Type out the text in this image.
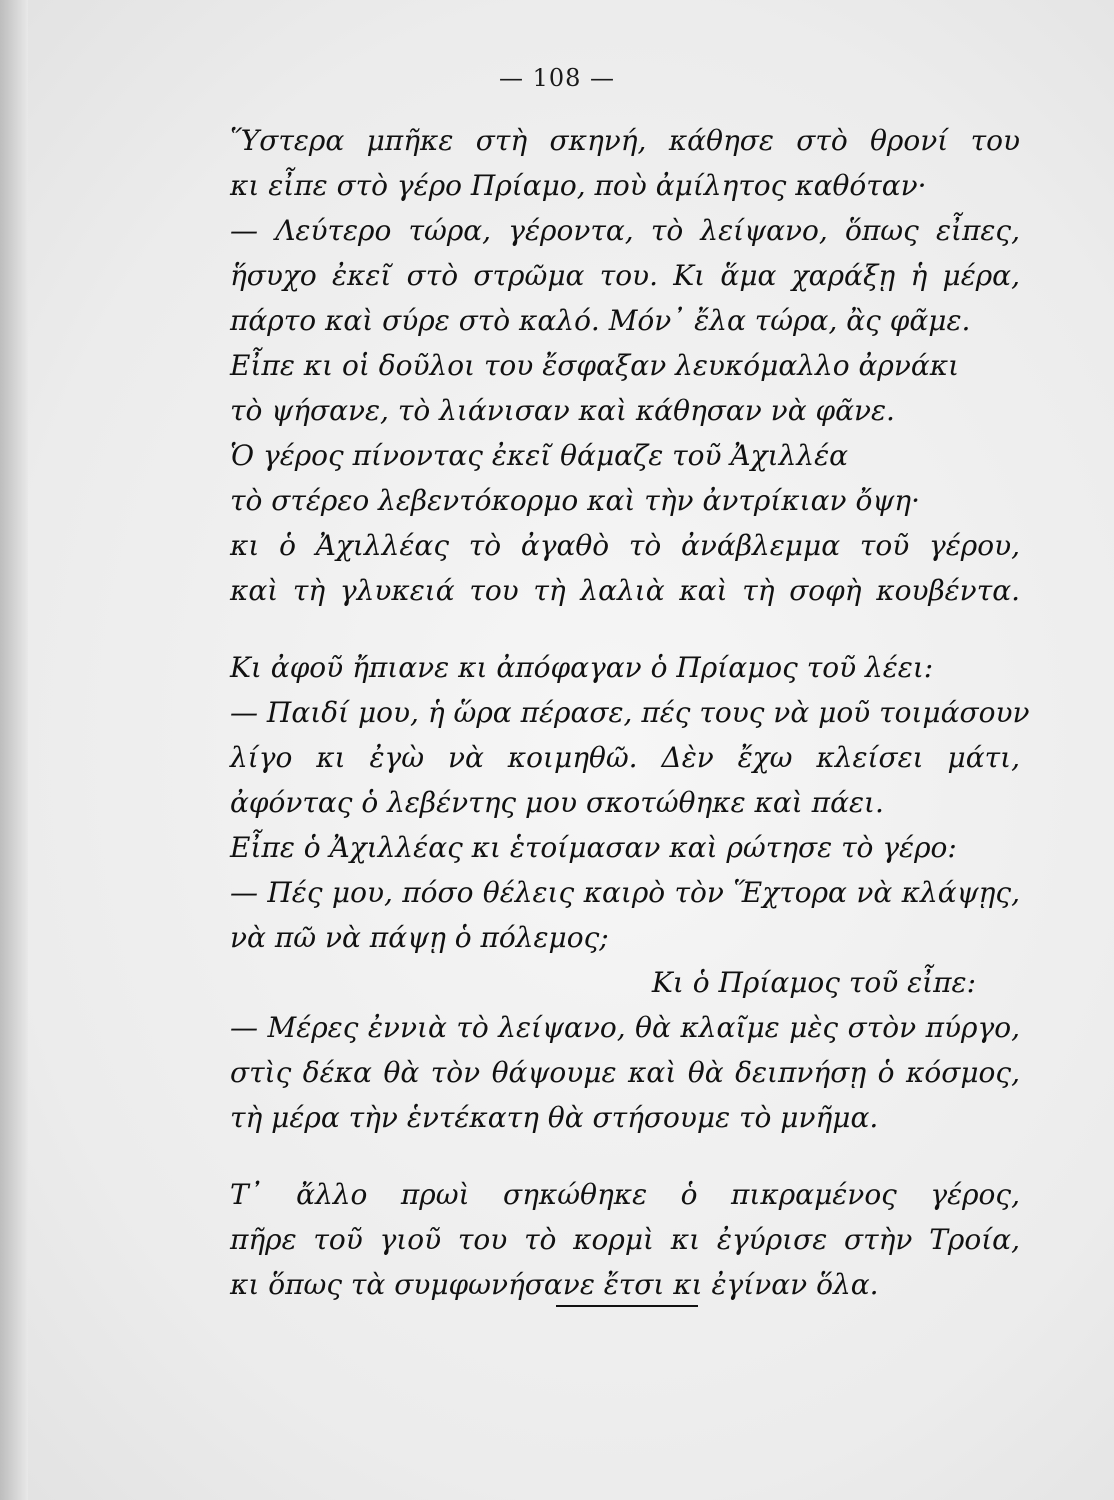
— 108 —
Ὕστερα μπῆκε στὴ σκηνή, κάθησε στὸ θρονί του
κι εἶπε στὸ γέρο Πρίαμο, ποὺ ἀμίλητος καθόταν·
— Λεύτερο τώρα, γέροντα, τὸ λείψανο, ὅπως εἶπες,
ἥσυχο ἐκεῖ στὸ στρῶμα του. Κι ἅμα χαράξῃ ἡ μέρα,
πάρτο καὶ σύρε στὸ καλό. Μόν᾽ ἔλα τώρα, ἂς φᾶμε.
Εἶπε κι οἱ δοῦλοι του ἔσφαξαν λευκόμαλλο ἀρνάκι
τὸ ψήσανε, τὸ λιάνισαν καὶ κάθησαν νὰ φᾶνε.
Ὁ γέρος πίνοντας ἐκεῖ θάμαζε τοῦ Ἀχιλλέα
τὸ στέρεο λεβεντόκορμο καὶ τὴν ἀντρίκιαν ὄψη·
κι ὁ Ἀχιλλέας τὸ ἀγαθὸ τὸ ἀνάβλεμμα τοῦ γέρου,
καὶ τὴ γλυκειά του τὴ λαλιὰ καὶ τὴ σοφὴ κουβέντα.
Κι ἀφοῦ ἤπιανε κι ἀπόφαγαν ὁ Πρίαμος τοῦ λέει:
— Παιδί μου, ἡ ὥρα πέρασε, πές τους νὰ μοῦ τοιμάσουν
λίγο κι ἐγὼ νὰ κοιμηθῶ. Δὲν ἔχω κλείσει μάτι,
ἀφόντας ὁ λεβέντης μου σκοτώθηκε καὶ πάει.
Εἶπε ὁ Ἀχιλλέας κι ἑτοίμασαν καὶ ρώτησε τὸ γέρο:
— Πές μου, πόσο θέλεις καιρὸ τὸν Ἕχτορα νὰ κλάψῃς,
νὰ πῶ νὰ πάψῃ ὁ πόλεμος;
Κι ὁ Πρίαμος τοῦ εἶπε:
— Μέρες ἐννιὰ τὸ λείψανο, θὰ κλαῖμε μὲς στὸν πύργο,
στὶς δέκα θὰ τὸν θάψουμε καὶ θὰ δειπνήσῃ ὁ κόσμος,
τὴ μέρα τὴν ἑντέκατη θὰ στήσουμε τὸ μνῆμα.
Τ᾽ ἄλλο πρωὶ σηκώθηκε ὁ πικραμένος γέρος,
πῆρε τοῦ γιοῦ του τὸ κορμὶ κι ἐγύρισε στὴν Τροία,
κι ὅπως τὰ συμφωνήσανε ἔτσι κι ἐγίναν ὅλα.
